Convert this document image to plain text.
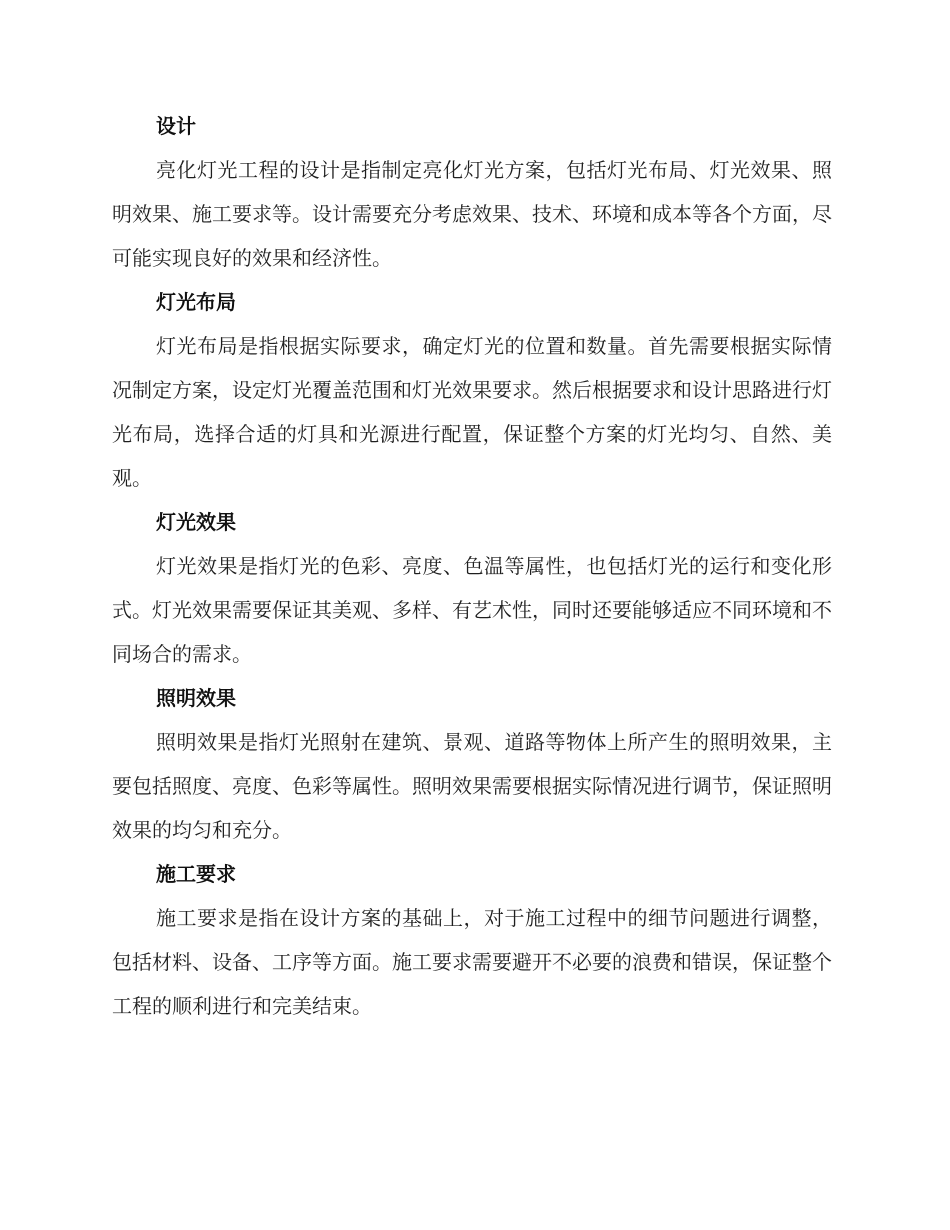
设计

亮化灯光工程的设计是指制定亮化灯光方案，包括灯光布局、灯光效果、照明效果、施工要求等。设计需要充分考虑效果、技术、环境和成本等各个方面，尽可能实现良好的效果和经济性。

灯光布局

灯光布局是指根据实际要求，确定灯光的位置和数量。首先需要根据实际情况制定方案，设定灯光覆盖范围和灯光效果要求。然后根据要求和设计思路进行灯光布局，选择合适的灯具和光源进行配置，保证整个方案的灯光均匀、自然、美观。

灯光效果

灯光效果是指灯光的色彩、亮度、色温等属性，也包括灯光的运行和变化形式。灯光效果需要保证其美观、多样、有艺术性，同时还要能够适应不同环境和不同场合的需求。

照明效果

照明效果是指灯光照射在建筑、景观、道路等物体上所产生的照明效果，主要包括照度、亮度、色彩等属性。照明效果需要根据实际情况进行调节，保证照明效果的均匀和充分。

施工要求

施工要求是指在设计方案的基础上，对于施工过程中的细节问题进行调整，包括材料、设备、工序等方面。施工要求需要避开不必要的浪费和错误，保证整个工程的顺利进行和完美结束。
